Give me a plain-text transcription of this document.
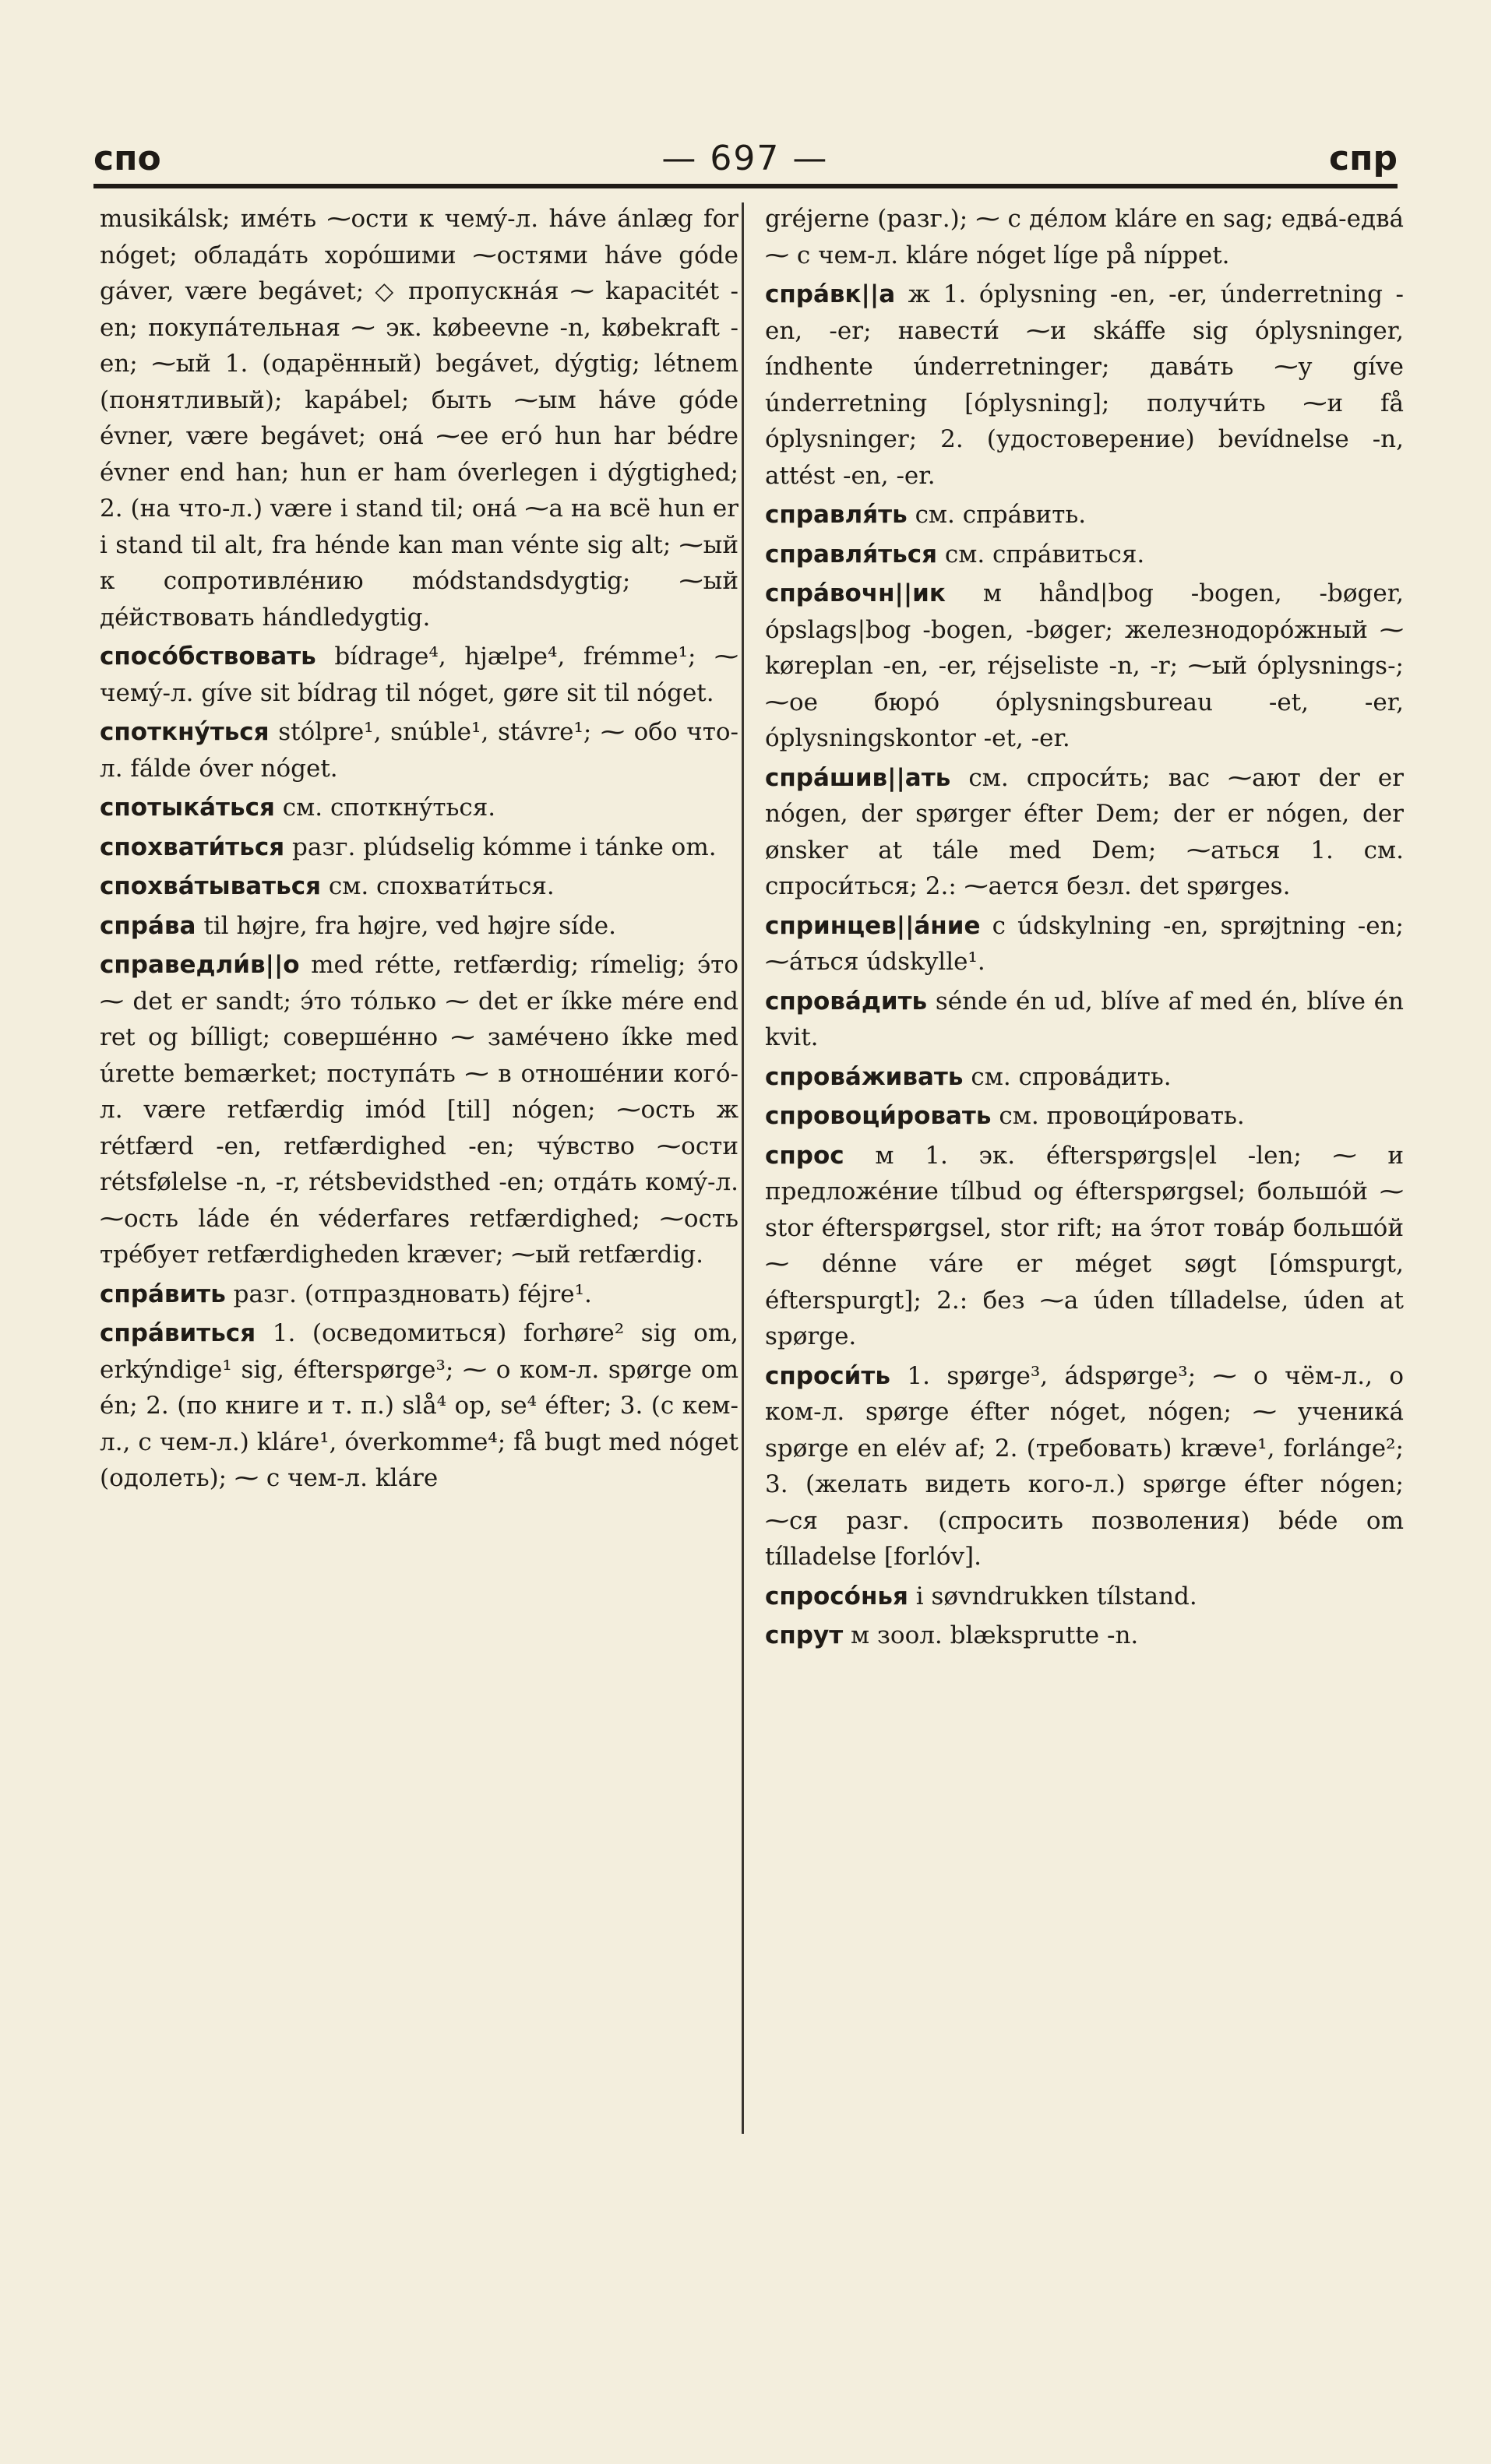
спо	— 697 —	спр

musikálsk; имéть ⁓ости к чемý-л. háve ánlæg for nóget; обладáть хорóшими ⁓остями háve góde gáver, være begávet; ◇ пропускнáя ⁓ kapacitét -en; покупáтельная ⁓ эк. købeevne -n, købekraft -en; ⁓ый 1. (одарённый) begávet, dýgtig; létnem (понятливый); kapábel; быть ⁓ым háve góde évner, være begávet; онá ⁓ее его́ hun har bédre évner end han; hun er ham óverlegen i dýgtighed; 2. (на что-л.) være i stand til; онá ⁓а на всё hun er i stand til alt, fra hénde kan man vénte sig alt; ⁓ый к сопротивлéнию módstandsdygtig; ⁓ый дéйствовать hándledygtig.

спосóбствовать bídrage⁴, hjælpe⁴, frémme¹; ⁓ чемý-л. gíve sit bídrag til nóget, gøre sit til nóget.

споткнýться stólpre¹, snúble¹, stávre¹; ⁓ обо что-л. fálde óver nóget.

спотыкáться см. споткнýться.

спохвати́ться разг. plúdselig kómme i tánke om.

спохвáтываться см. спохвати́ться.

спрáва til højre, fra højre, ved højre síde.

справедли́в||о med rétte, retfærdig; rímelig; э́то ⁓ det er sandt; э́то тóлько ⁓ det er íkke mére end ret og bílligt; совершéнно ⁓ замéчено íkke med úrette bemærket; поступáть ⁓ в отношéнии когó-л. være retfærdig imód [til] nógen; ⁓ость ж rétfærd -en, retfærdighed -en; чýвство ⁓ости rétsfølelse -n, -r, rétsbevidsthed -en; отдáть комý-л. ⁓ость láde én véderfares retfærdighed; ⁓ость трéбует retfærdigheden kræver; ⁓ый retfærdig.

спрáвить разг. (отпраздновать) féjre¹.

спрáвиться 1. (осведомиться) forhøre² sig om, erkýndige¹ sig, éfterspørge³; ⁓ о ком-л. spørge om én; 2. (по книге и т. п.) slå⁴ op, se⁴ éfter; 3. (с кем-л., с чем-л.) kláre¹, óverkomme⁴; få bugt med nóget (одолеть); ⁓ с чем-л. kláre

gréjerne (разг.); ⁓ с дéлом kláre en sag; едвá-едвá ⁓ с чем-л. kláre nóget líge på níppet.

спрáвк||а ж 1. óplysning -en, -er, únderretning -en, -er; навести́ ⁓и skáffe sig óplysninger, índhente únderretninger; давáть ⁓у gíve únderretning [óplysning]; получи́ть ⁓и få óplysninger; 2. (удостоверение) bevídnelse -n, attést -en, -er.

справля́ть см. спрáвить.

справля́ться см. спрáвиться.

спрáвочн||ик м hånd|bog -bogen, -bøger, ópslags|bog -bogen, -bøger; железнодорóжный ⁓ køreplan -en, -er, réjseliste -n, -r; ⁓ый óplysnings-; ⁓ое бюрó óplysningsbureau -et, -er, óplysningskontor -et, -er.

спрáшив||ать см. спроси́ть; вас ⁓ают der er nógen, der spørger éfter Dem; der er nógen, der ønsker at tále med Dem; ⁓аться 1. см. спроси́ться; 2.: ⁓ается безл. det spørges.

спринцев||áние с údskylning -en, sprøjtning -en; ⁓áться údskylle¹.

спровáдить sénde én ud, blíve af med én, blíve én kvit.

спровáживать см. спровáдить.

спровоци́ровать см. провоци́ровать.

спрос м 1. эк. éfterspørgs|el -len; ⁓ и предложéние tílbud og éfterspørgsel; большóй ⁓ stor éfterspørgsel, stor rift; на э́тот товáр большóй ⁓ dénne váre er méget søgt [ómspurgt, éfterspurgt]; 2.: без ⁓а úden tílladelse, úden at spørge.

спроси́ть 1. spørge³, ádspørge³; ⁓ о чём-л., о ком-л. spørge éfter nóget, nógen; ⁓ ученикá spørge en elév af; 2. (требовать) kræve¹, forlánge²; 3. (желать видеть кого-л.) spørge éfter nógen; ⁓ся разг. (спросить позволения) béde om tílladelse [forlóv].

спросóнья i søvndrukken tílstand.

спрут м зоол. blæksprutte -n.
